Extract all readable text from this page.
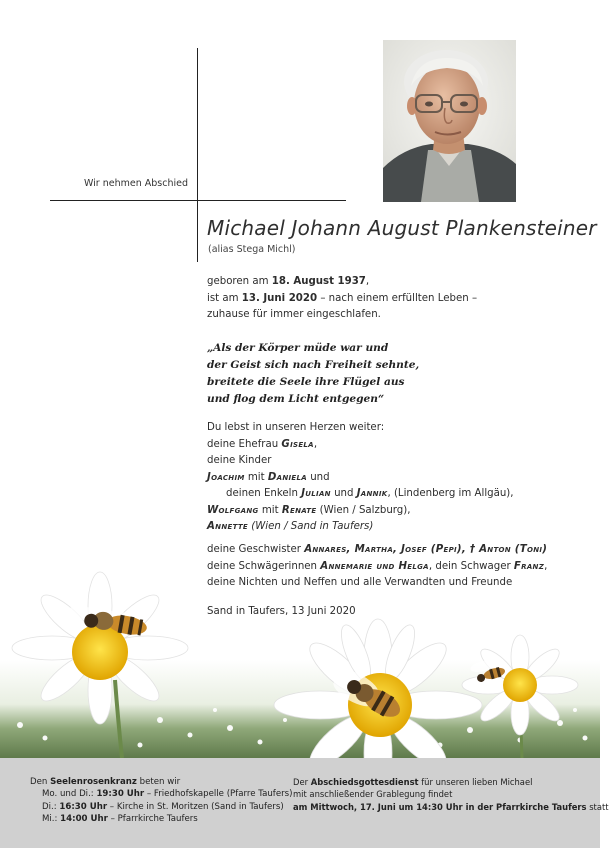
Wir nehmen Abschied
Michael Johann August Plankensteiner
(alias Stega Michl)
geboren am 18. August 1937,
ist am 13. Juni 2020 – nach einem erfüllten Leben –
zuhause für immer eingeschlafen.
„Als der Körper müde war und
der Geist sich nach Freiheit sehnte,
breitete die Seele ihre Flügel aus
und flog dem Licht entgegen“
Du lebst in unseren Herzen weiter:
deine Ehefrau Gisela,
deine Kinder
Joachim mit Daniela und
deinen Enkeln Julian und Jannik, (Lindenberg im Allgäu),
Wolfgang mit Renate (Wien / Salzburg),
Annette (Wien / Sand in Taufers)
deine Geschwister Annares, Martha, Josef (Pepi), † Anton (Toni)
deine Schwägerinnen Annemarie und Helga, dein Schwager Franz,
deine Nichten und Neffen und alle Verwandten und Freunde
Sand in Taufers, 13 Juni 2020
Den Seelenrosenkranz beten wir
Mo. und Di.: 19:30 Uhr – Friedhofskapelle (Pfarre Taufers)
Di.: 16:30 Uhr – Kirche in St. Moritzen (Sand in Taufers)
Mi.: 14:00 Uhr – Pfarrkirche Taufers
Der Abschiedsgottesdienst für unseren lieben Michael
mit anschließender Grablegung findet
am Mittwoch, 17. Juni um 14:30 Uhr in der Pfarrkirche Taufers statt
